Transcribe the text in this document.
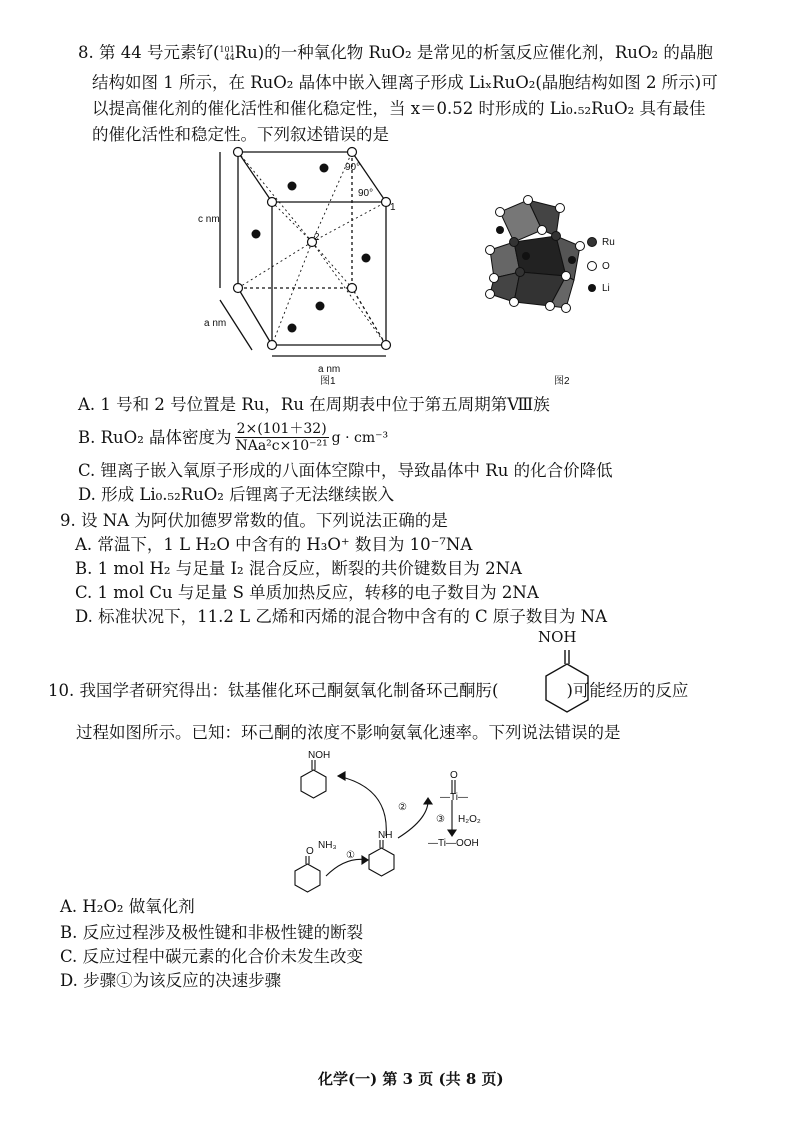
8. 第 44 号元素钌( 101
44 Ru)的一种氧化物 RuO₂ 是常见的析氢反应催化剂，RuO₂ 的晶胞
结构如图 1 所示，在 RuO₂ 晶体中嵌入锂离子形成 LiₓRuO₂(晶胞结构如图 2 所示)可
以提高催化剂的催化活性和催化稳定性，当 x＝0.52 时形成的 Li₀.₅₂RuO₂ 具有最佳
的催化活性和稳定性。下列叙述错误的是
90°
90°
1
2
c nm
a nm
a nm
图1
Ru
O
Li
图2
A. 1 号和 2 号位置是 Ru，Ru 在周期表中位于第五周期第Ⅷ族
B. RuO₂ 晶体密度为 $\frac{2\times(101+32)}{\text{NAa²c×10⁻²¹}}$ g · cm⁻³
C. 锂离子嵌入氧原子形成的八面体空隙中，导致晶体中 Ru 的化合价降低
D. 形成 Li₀.₅₂RuO₂ 后锂离子无法继续嵌入
9. 设 NA 为阿伏加德罗常数的值。下列说法正确的是
A. 常温下，1 L H₂O 中含有的 H₃O⁺ 数目为 10⁻⁷NA
B. 1 mol H₂ 与足量 I₂ 混合反应，断裂的共价键数目为 2NA
C. 1 mol Cu 与足量 S 单质加热反应，转移的电子数目为 2NA
D. 标准状况下，11.2 L 乙烯和丙烯的混合物中含有的 C 原子数目为 NA
NOH
10. 我国学者研究得出：钛基催化环己酮氨氧化制备环己酮肟(	)可能经历的反应
过程如图所示。已知：环己酮的浓度不影响氨氧化速率。下列说法错误的是
NOH
NH
NH₃
O
O
—Ti—
H₂O₂
—Ti—OOH
①
②
③
A. H₂O₂ 做氧化剂
B. 反应过程涉及极性键和非极性键的断裂
C. 反应过程中碳元素的化合价未发生改变
D. 步骤①为该反应的决速步骤
化学(一) 第 3 页 (共 8 页)
